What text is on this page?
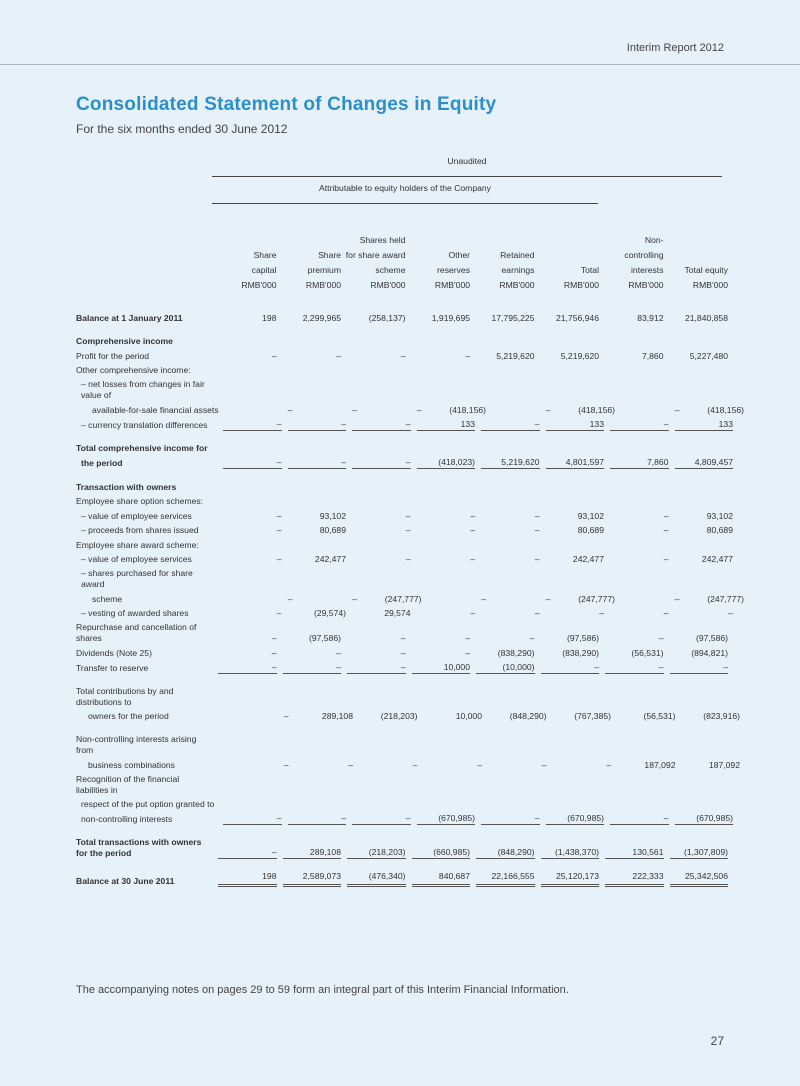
Interim Report 2012
Consolidated Statement of Changes in Equity
For the six months ended 30 June 2012
Unaudited
Attributable to equity holders of the Company

Share
capital
RMB'000

Share
premium
RMB'000

Shares held
for share award
scheme
RMB'000

Other
reserves
RMB'000

Retained
earnings
RMB'000

Total
RMB'000

Non-
controlling
interests
RMB'000

Total equity
RMB'000
Balance at 1 January 2011	198	2,299,965	(258,137)	1,919,695	17,795,225	21,756,946	83,912	21,840,858
Comprehensive income
Profit for the period	–	–	–	–	5,219,620	5,219,620	7,860	5,227,480
Other comprehensive income:
– net losses from changes in fair value of
available-for-sale financial assets	–	–	–	(418,156)	–	(418,156)	–	(418,156)
– currency translation differences	–	–	–	133	–	133	–	133
Total comprehensive income for
the period	–	–	–	(418,023)	5,219,620	4,801,597	7,860	4,809,457
Transaction with owners
Employee share option schemes:
– value of employee services	–	93,102	–	–	–	93,102	–	93,102
– proceeds from shares issued	–	80,689	–	–	–	80,689	–	80,689
Employee share award scheme:
– value of employee services	–	242,477	–	–	–	242,477	–	242,477
– shares purchased for share award
scheme	–	–	(247,777)	–	–	(247,777)	–	(247,777)
– vesting of awarded shares	–	(29,574)	29,574	–	–	–	–	–
Repurchase and cancellation of shares	–	(97,586)	–	–	–	(97,586)	–	(97,586)
Dividends (Note 25)	–	–	–	–	(838,290)	(838,290)	(56,531)	(894,821)
Transfer to reserve	–	–	–	10,000	(10,000)	–	–	–
Total contributions by and distributions to
owners for the period	–	289,108	(218,203)	10,000	(848,290)	(767,385)	(56,531)	(823,916)
Non-controlling interests arising from
business combinations	–	–	–	–	–	–	187,092	187,092
Recognition of the financial liabilities in
respect of the put option granted to
non-controlling interests	–	–	–	(670,985)	–	(670,985)	–	(670,985)
Total transactions with owners for the period	–	289,108	(218,203)	(660,985)	(848,290)	(1,438,370)	130,561	(1,307,809)
Balance at 30 June 2011	198	2,589,073	(476,340)	840,687	22,166,555	25,120,173	222,333	25,342,506
The accompanying notes on pages 29 to 59 form an integral part of this Interim Financial Information.
27
